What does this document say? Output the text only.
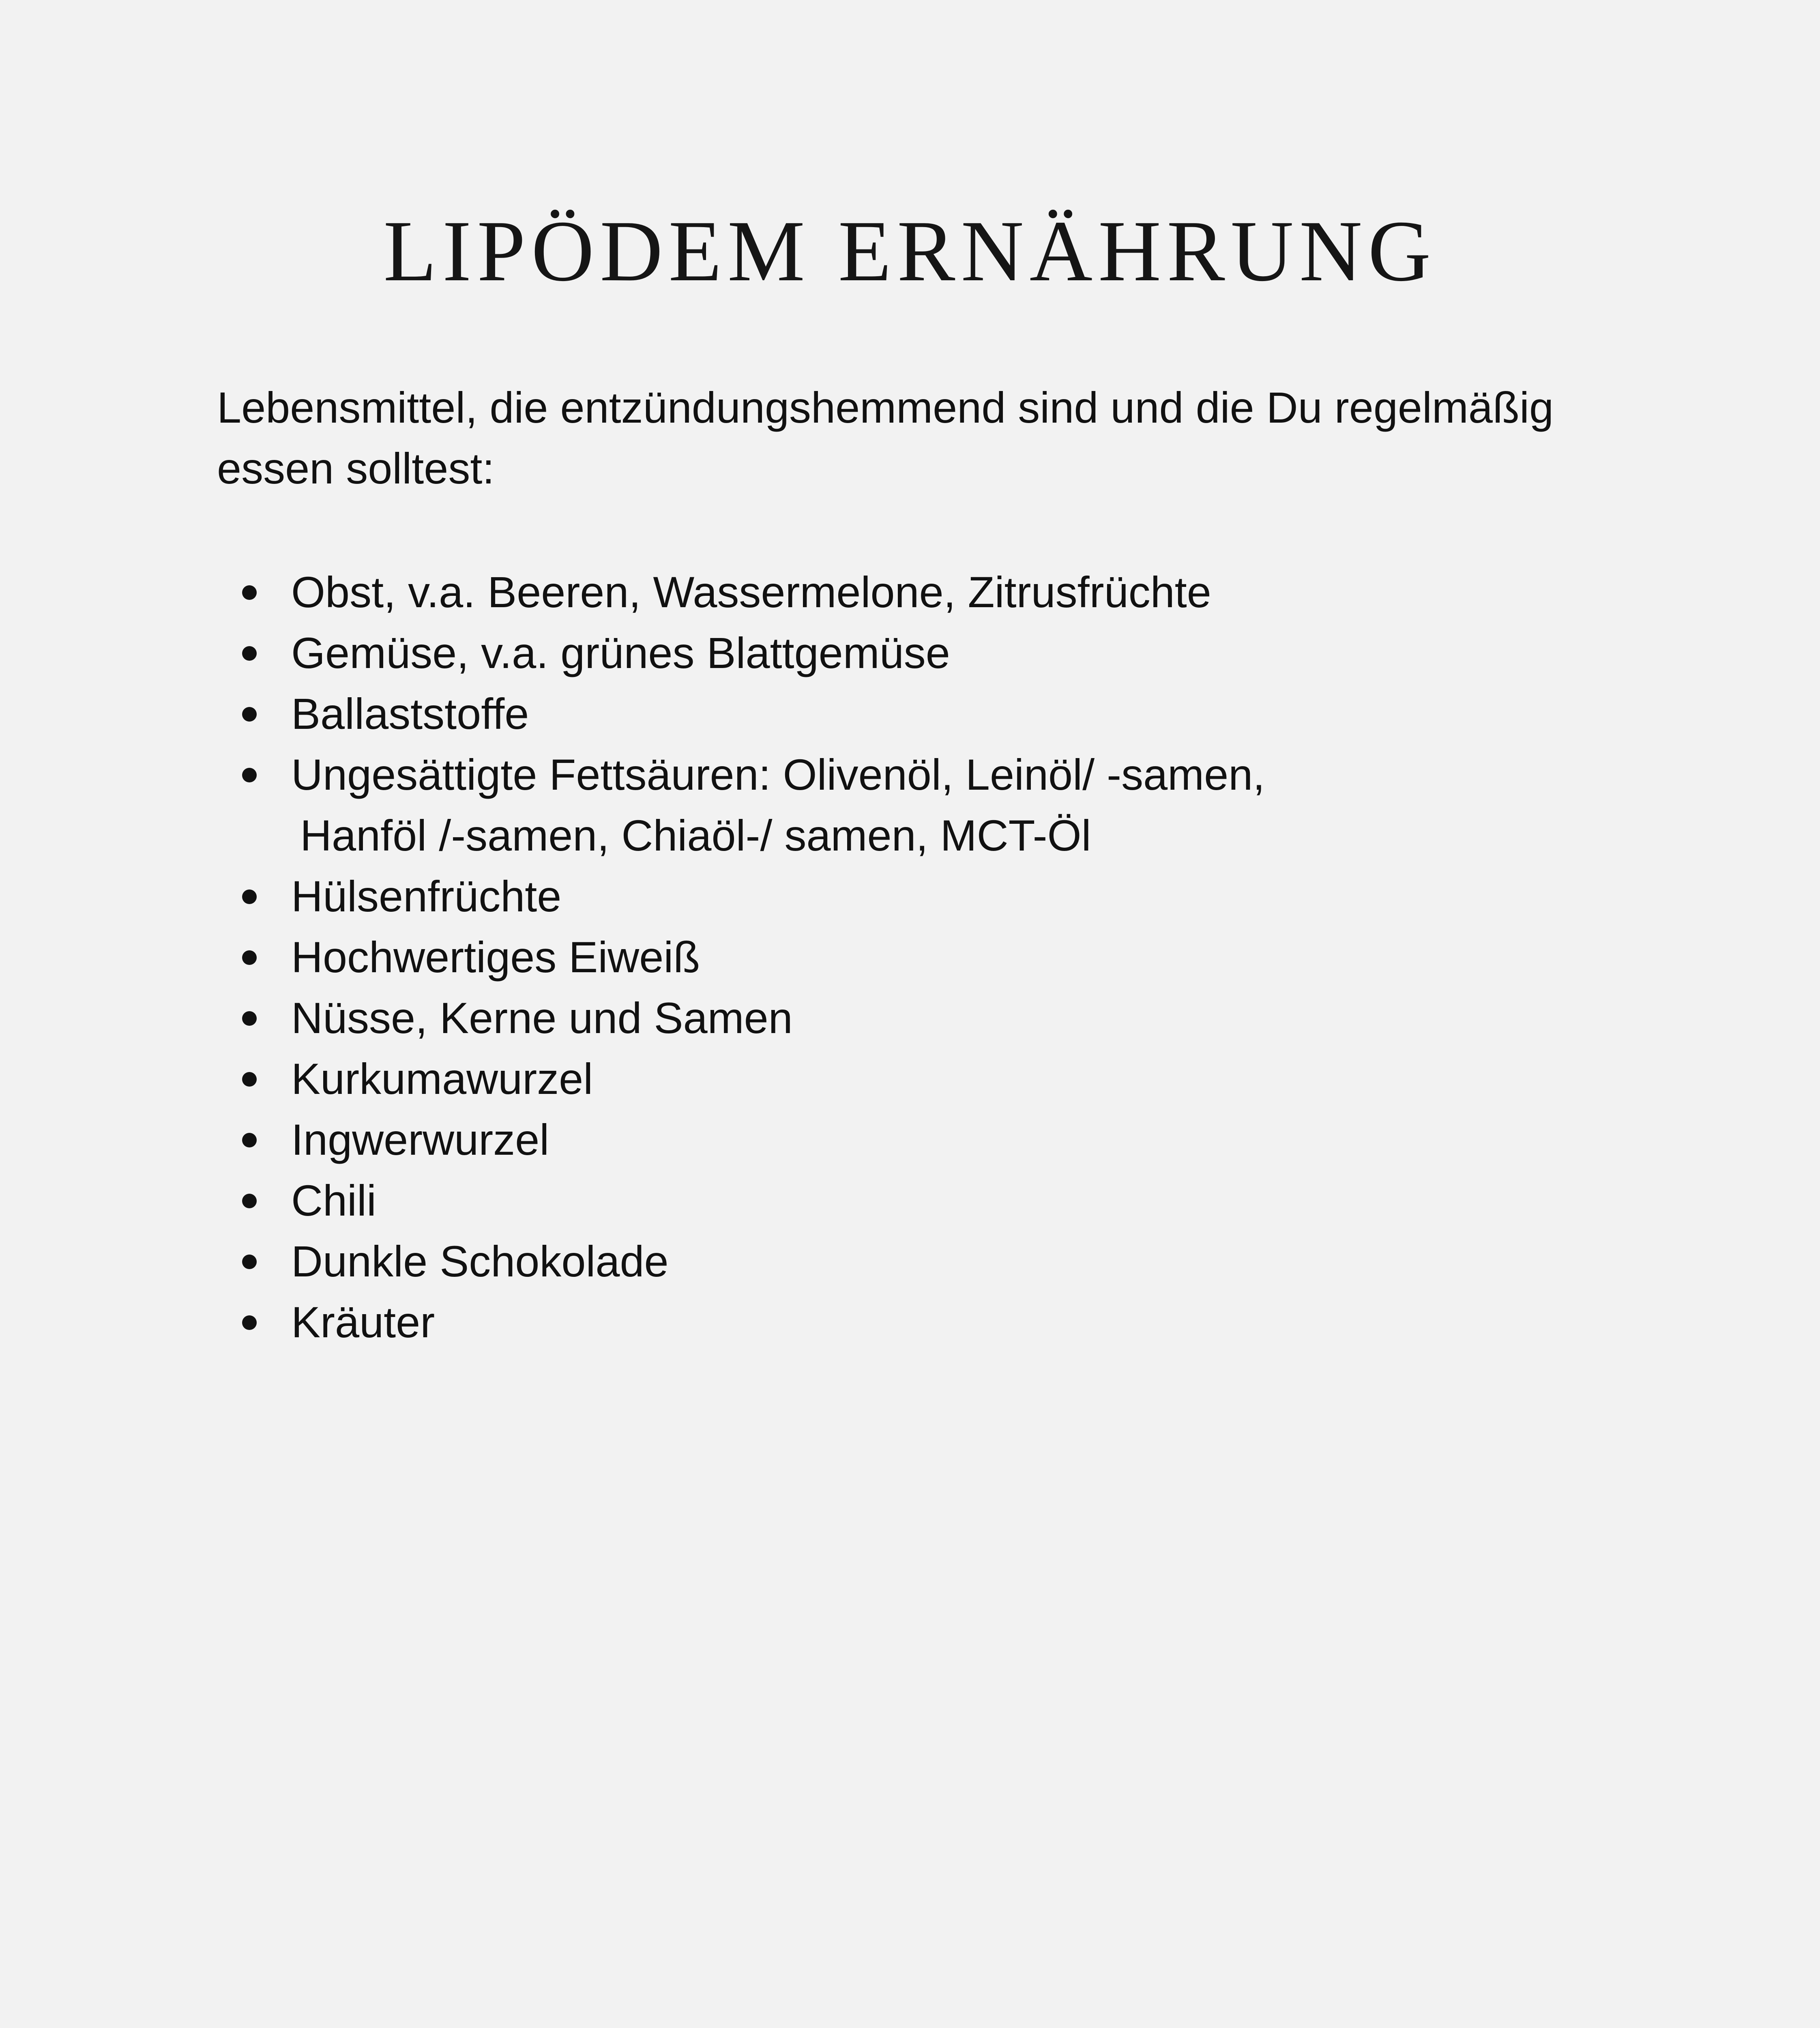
LIPÖDEM ERNÄHRUNG

Lebensmittel, die entzündungshemmend sind und die Du regelmäßig
essen solltest:

Obst, v.a. Beeren, Wassermelone, Zitrusfrüchte
Gemüse, v.a. grünes Blattgemüse
Ballaststoffe
Ungesättigte Fettsäuren: Olivenöl, Leinöl/ -samen,
Hanföl /-samen, Chiaöl-/ samen, MCT-Öl
Hülsenfrüchte
Hochwertiges Eiweiß
Nüsse, Kerne und Samen
Kurkumawurzel
Ingwerwurzel
Chili
Dunkle Schokolade
Kräuter
